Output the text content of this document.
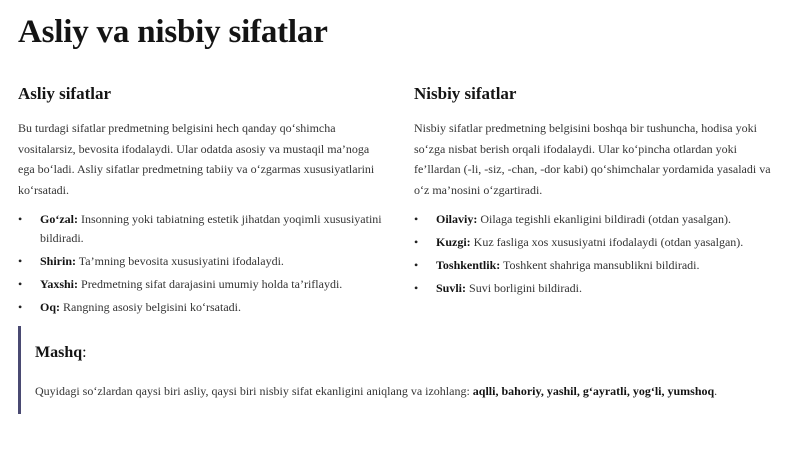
Asliy va nisbiy sifatlar
Asliy sifatlar

Bu turdagi sifatlar predmetning belgisini hech qanday qo‘shimcha vositalarsiz, bevosita ifodalaydi. Ular odatda asosiy va mustaqil ma’noga ega bo‘ladi. Asliy sifatlar predmetning tabiiy va o‘zgarmas xususiyatlarini ko‘rsatadi.

• Go‘zal: Insonning yoki tabiatning estetik jihatdan yoqimli xususiyatini bildiradi.
• Shirin: Ta’mning bevosita xususiyatini ifodalaydi.
• Yaxshi: Predmetning sifat darajasini umumiy holda ta’riflaydi.
• Oq: Rangning asosiy belgisini ko‘rsatadi.
Nisbiy sifatlar

Nisbiy sifatlar predmetning belgisini boshqa bir tushuncha, hodisa yoki so‘zga nisbat berish orqali ifodalaydi. Ular ko‘pincha otlardan yoki fe’llardan (-li, -siz, -chan, -dor kabi) qo‘shimchalar yordamida yasaladi va o‘z ma’nosini o‘zgartiradi.

• Oilaviy: Oilaga tegishli ekanligini bildiradi (otdan yasalgan).
• Kuzgi: Kuz fasliga xos xususiyatni ifodalaydi (otdan yasalgan).
• Toshkentlik: Toshkent shahriga mansublikni bildiradi.
• Suvli: Suvi borligini bildiradi.
Mashq:

Quyidagi so‘zlardan qaysi biri asliy, qaysi biri nisbiy sifat ekanligini aniqlang va izohlang: aqlli, bahoriy, yashil, g‘ayratli, yog‘li, yumshoq.
